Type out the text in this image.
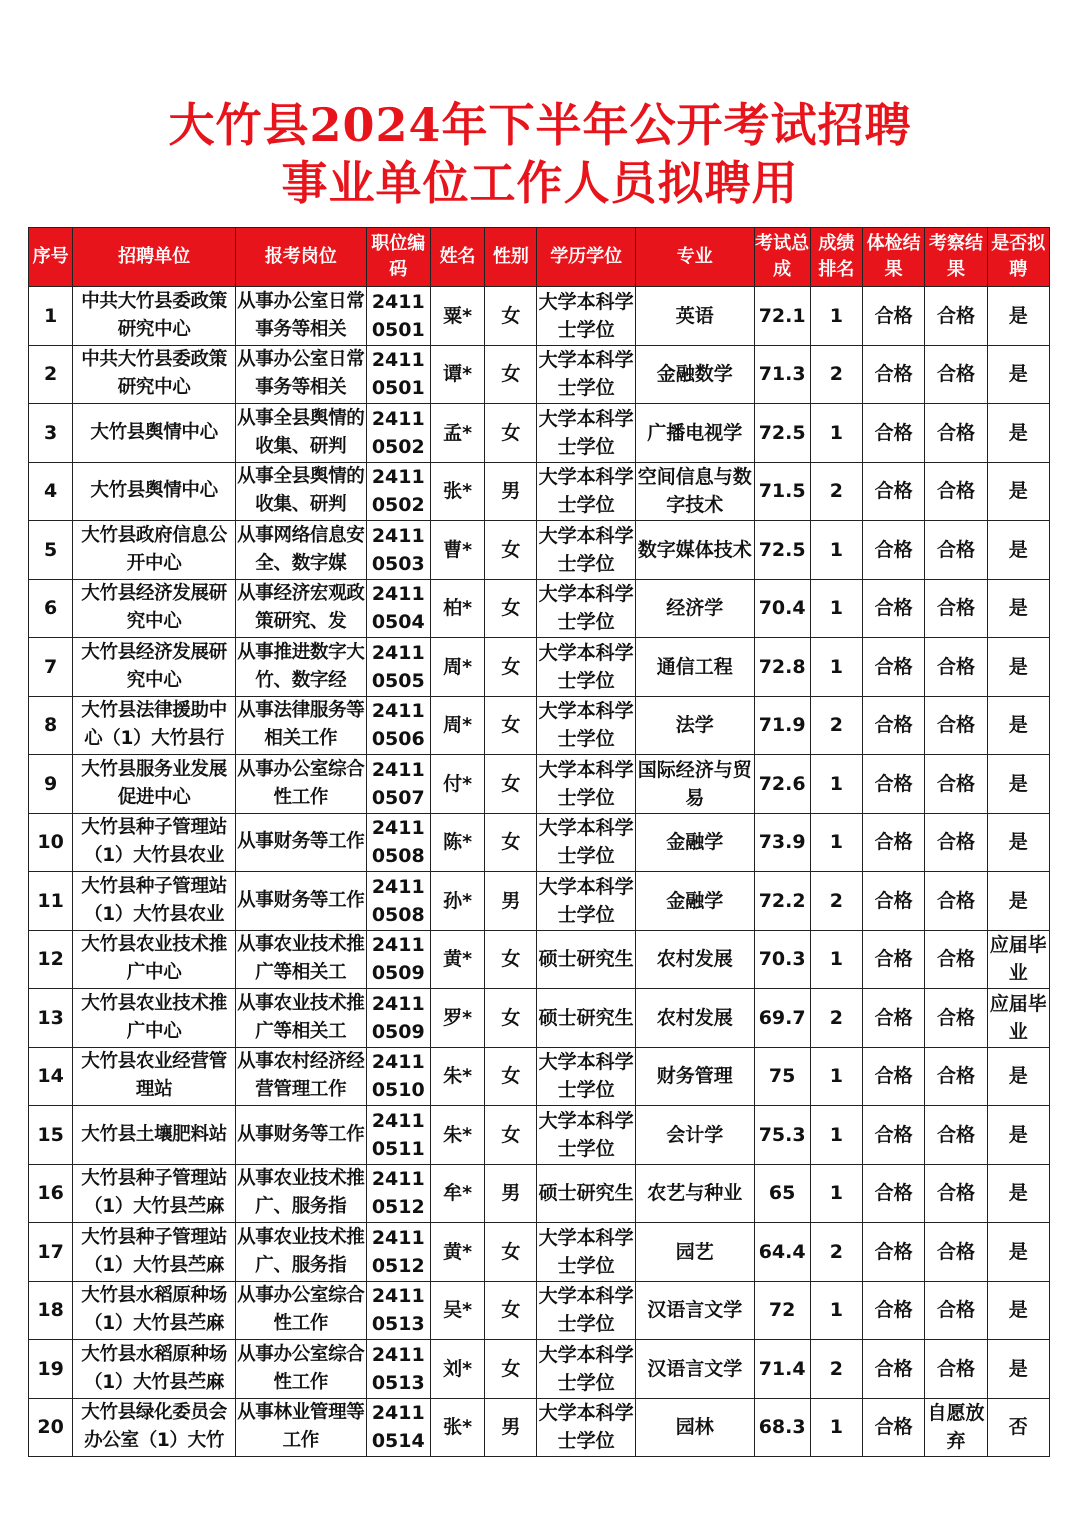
大竹县2024年下半年公开考试招聘
事业单位工作人员拟聘用
序号	招聘单位	报考岗位	职位编码	姓名	性别	学历学位	专业	考试总成	成绩排名	体检结果	考察结果	是否拟聘

1	中共大竹县委政策研究中心	从事办公室日常事务等相关	24110501	粟*	女	大学本科学士学位	英语	72.1	1	合格	合格	是

2	中共大竹县委政策研究中心	从事办公室日常事务等相关	24110501	谭*	女	大学本科学士学位	金融数学	71.3	2	合格	合格	是

3	大竹县舆情中心	从事全县舆情的收集、研判	24110502	孟*	女	大学本科学士学位	广播电视学	72.5	1	合格	合格	是

4	大竹县舆情中心	从事全县舆情的收集、研判	24110502	张*	男	大学本科学士学位	空间信息与数字技术	71.5	2	合格	合格	是

5	大竹县政府信息公开中心	从事网络信息安全、数字媒	24110503	曹*	女	大学本科学士学位	数字媒体技术	72.5	1	合格	合格	是

6	大竹县经济发展研究中心	从事经济宏观政策研究、发	24110504	柏*	女	大学本科学士学位	经济学	70.4	1	合格	合格	是

7	大竹县经济发展研究中心	从事推进数字大竹、数字经	24110505	周*	女	大学本科学士学位	通信工程	72.8	1	合格	合格	是

8	大竹县法律援助中心（1）大竹县行	从事法律服务等相关工作	24110506	周*	女	大学本科学士学位	法学	71.9	2	合格	合格	是

9	大竹县服务业发展促进中心	从事办公室综合性工作	24110507	付*	女	大学本科学士学位	国际经济与贸易	72.6	1	合格	合格	是

10	大竹县种子管理站（1）大竹县农业	从事财务等工作	24110508	陈*	女	大学本科学士学位	金融学	73.9	1	合格	合格	是

11	大竹县种子管理站（1）大竹县农业	从事财务等工作	24110508	孙*	男	大学本科学士学位	金融学	72.2	2	合格	合格	是

12	大竹县农业技术推广中心	从事农业技术推广等相关工	24110509	黄*	女	硕士研究生	农村发展	70.3	1	合格	合格	应届毕业

13	大竹县农业技术推广中心	从事农业技术推广等相关工	24110509	罗*	女	硕士研究生	农村发展	69.7	2	合格	合格	应届毕业

14	大竹县农业经营管理站	从事农村经济经营管理工作	24110510	朱*	女	大学本科学士学位	财务管理	75	1	合格	合格	是

15	大竹县土壤肥料站	从事财务等工作	24110511	朱*	女	大学本科学士学位	会计学	75.3	1	合格	合格	是

16	大竹县种子管理站（1）大竹县苎麻	从事农业技术推广、服务指	24110512	牟*	男	硕士研究生	农艺与种业	65	1	合格	合格	是

17	大竹县种子管理站（1）大竹县苎麻	从事农业技术推广、服务指	24110512	黄*	女	大学本科学士学位	园艺	64.4	2	合格	合格	是

18	大竹县水稻原种场（1）大竹县苎麻	从事办公室综合性工作	24110513	吴*	女	大学本科学士学位	汉语言文学	72	1	合格	合格	是

19	大竹县水稻原种场（1）大竹县苎麻	从事办公室综合性工作	24110513	刘*	女	大学本科学士学位	汉语言文学	71.4	2	合格	合格	是

20	大竹县绿化委员会办公室（1）大竹	从事林业管理等工作	24110514	张*	男	大学本科学士学位	园林	68.3	1	合格	自愿放弃	否
